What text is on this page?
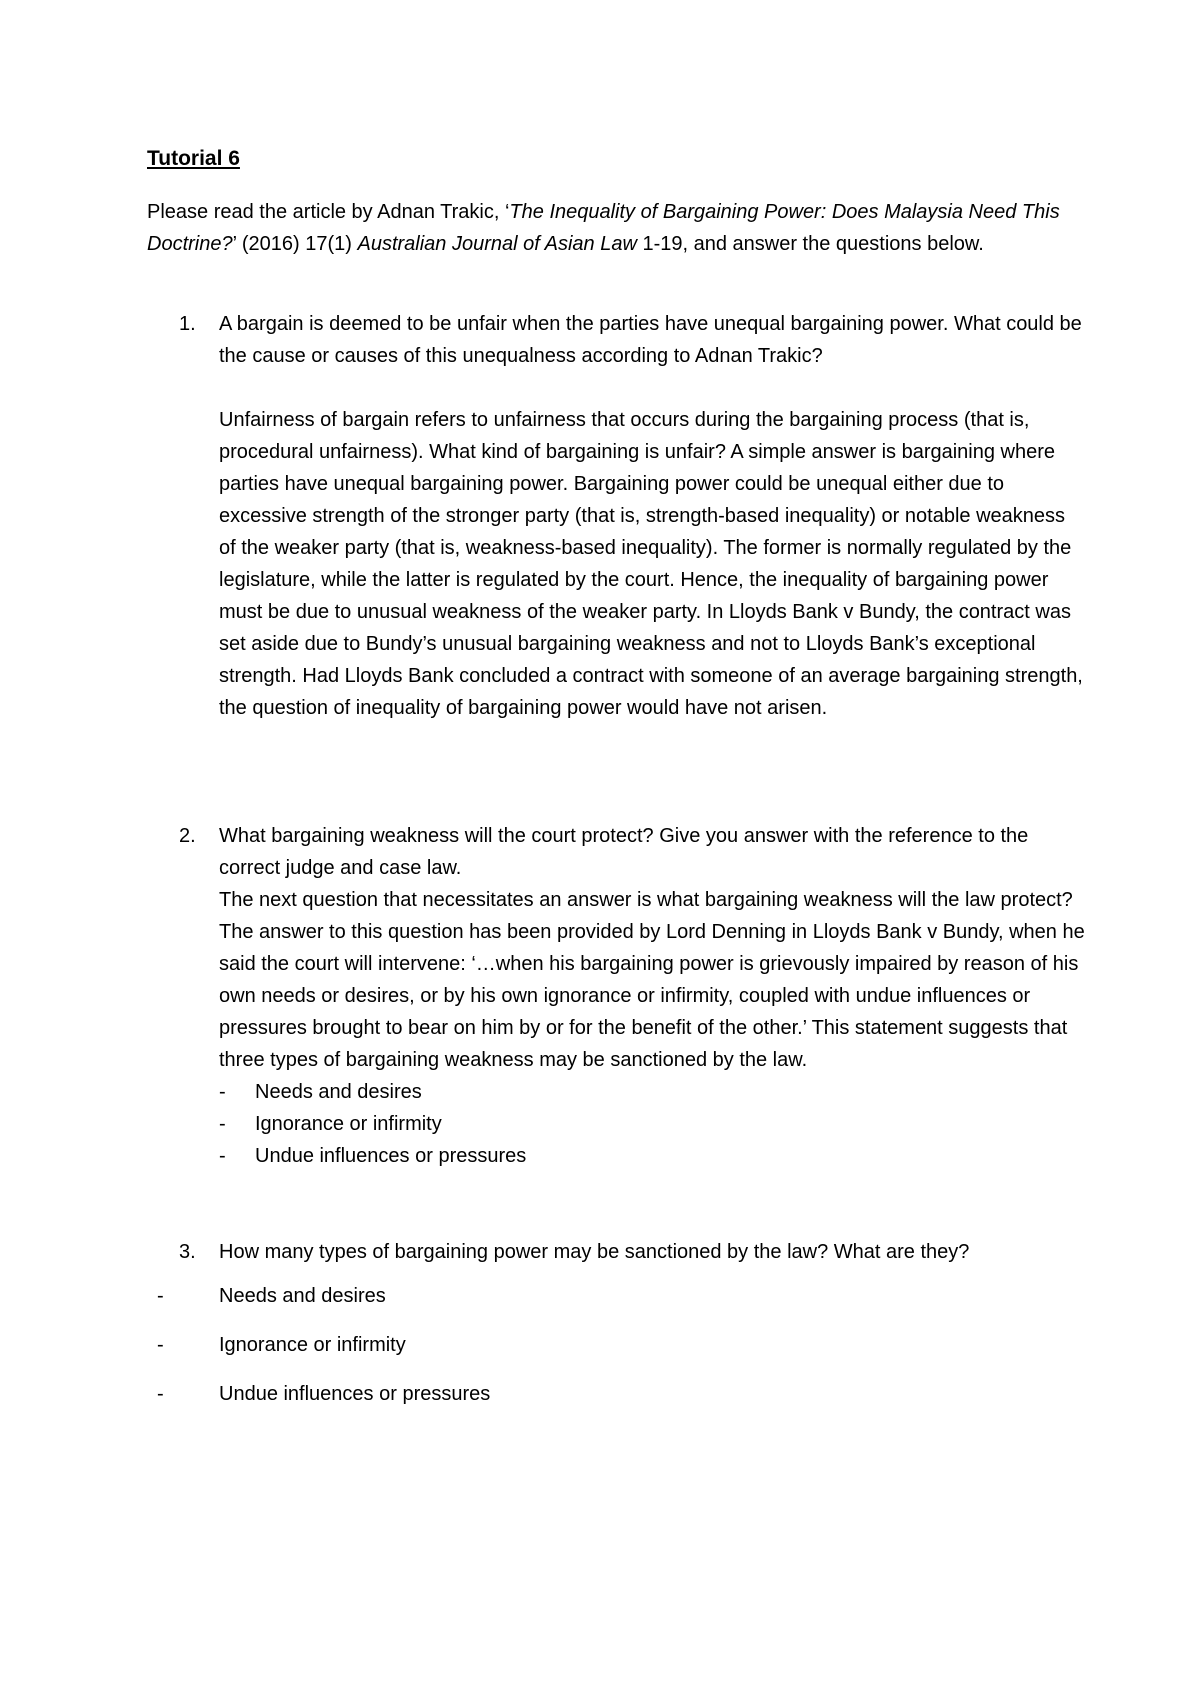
Tutorial 6
Please read the article by Adnan Trakic, ‘The Inequality of Bargaining Power: Does Malaysia Need This Doctrine?’ (2016) 17(1) Australian Journal of Asian Law 1-19, and answer the questions below.
1.	A bargain is deemed to be unfair when the parties have unequal bargaining power. What could be the cause or causes of this unequalness according to Adnan Trakic?
Unfairness of bargain refers to unfairness that occurs during the bargaining process (that is, procedural unfairness). What kind of bargaining is unfair? A simple answer is bargaining where parties have unequal bargaining power. Bargaining power could be unequal either due to excessive strength of the stronger party (that is, strength-based inequality) or notable weakness of the weaker party (that is, weakness-based inequality). The former is normally regulated by the legislature, while the latter is regulated by the court. Hence, the inequality of bargaining power must be due to unusual weakness of the weaker party. In Lloyds Bank v Bundy, the contract was set aside due to Bundy’s unusual bargaining weakness and not to Lloyds Bank’s exceptional strength. Had Lloyds Bank concluded a contract with someone of an average bargaining strength, the question of inequality of bargaining power would have not arisen.
2.	What bargaining weakness will the court protect? Give you answer with the reference to the correct judge and case law.
The next question that necessitates an answer is what bargaining weakness will the law protect? The answer to this question has been provided by Lord Denning in Lloyds Bank v Bundy, when he said the court will intervene: ‘…when his bargaining power is grievously impaired by reason of his own needs or desires, or by his own ignorance or infirmity, coupled with undue influences or pressures brought to bear on him by or for the benefit of the other.’ This statement suggests that three types of bargaining weakness may be sanctioned by the law.
- Needs and desires
- Ignorance or infirmity
- Undue influences or pressures
3.	How many types of bargaining power may be sanctioned by the law? What are they?
-	Needs and desires
-	Ignorance or infirmity
-	Undue influences or pressures
